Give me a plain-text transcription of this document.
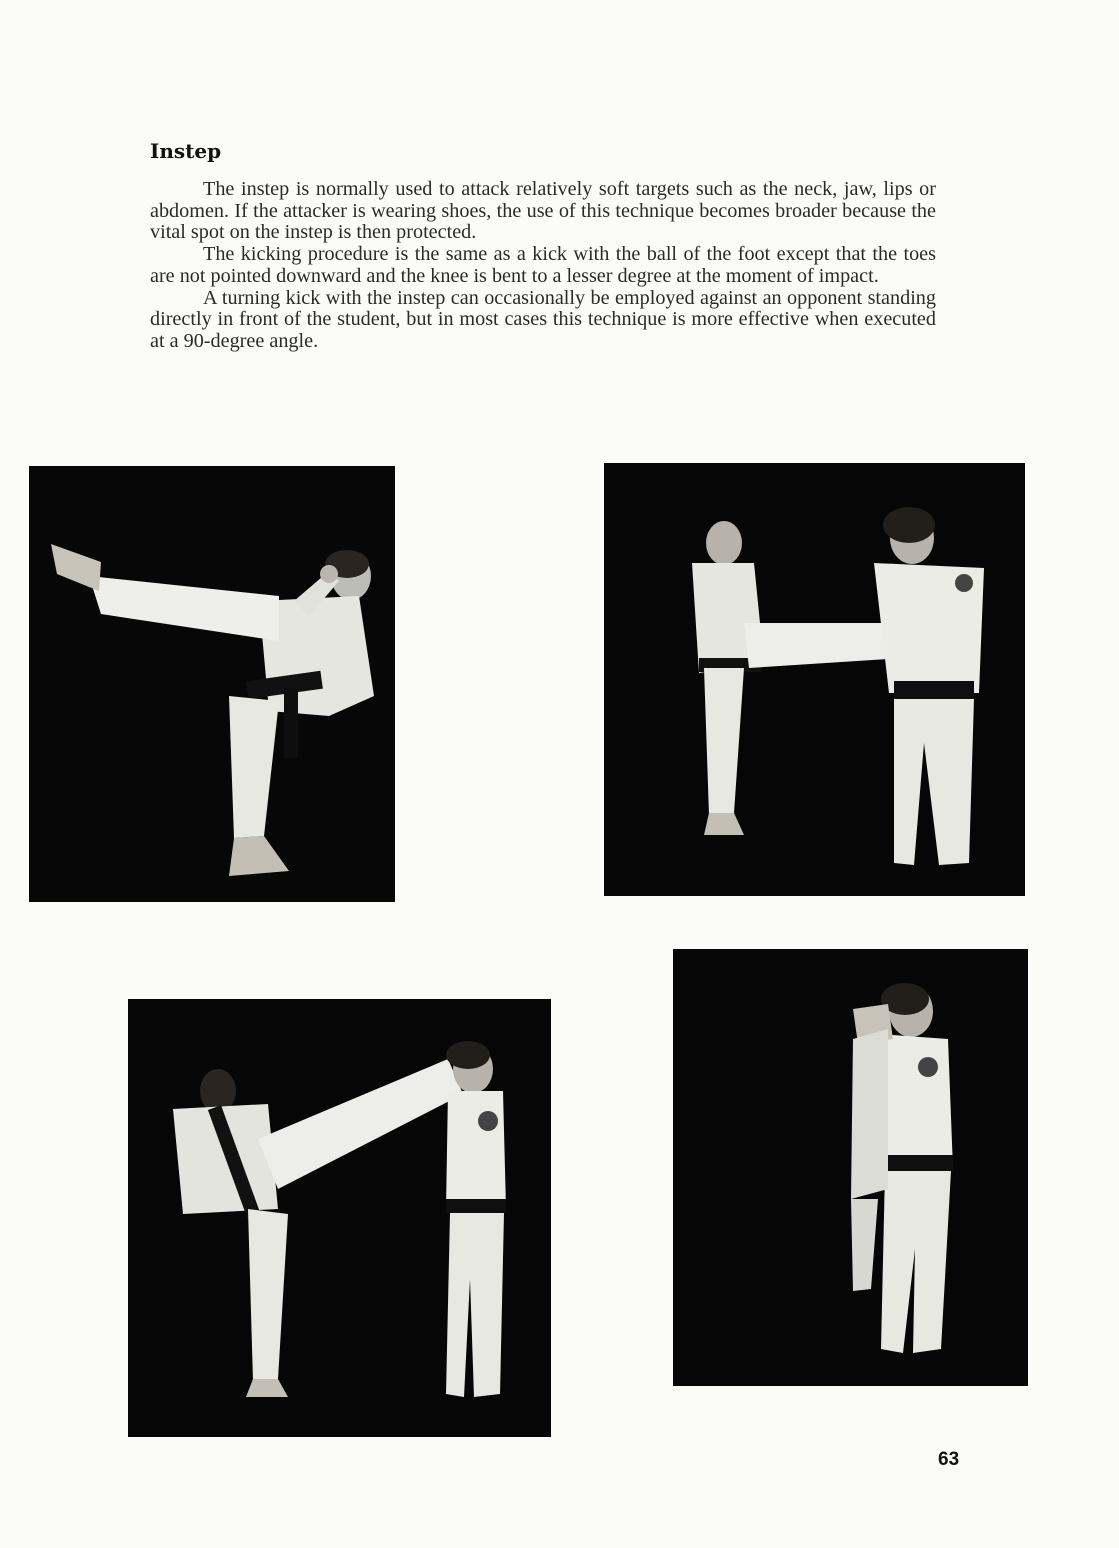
Instep

The instep is normally used to attack relatively soft targets such as the neck, jaw, lips or abdomen. If the attacker is wearing shoes, the use of this technique becomes broader because the vital spot on the instep is then protected.

The kicking procedure is the same as a kick with the ball of the foot except that the toes are not pointed downward and the knee is bent to a lesser degree at the moment of impact.

A turning kick with the instep can occasionally be employed against an opponent standing directly in front of the student, but in most cases this technique is more effective when executed at a 90-degree angle.

63
